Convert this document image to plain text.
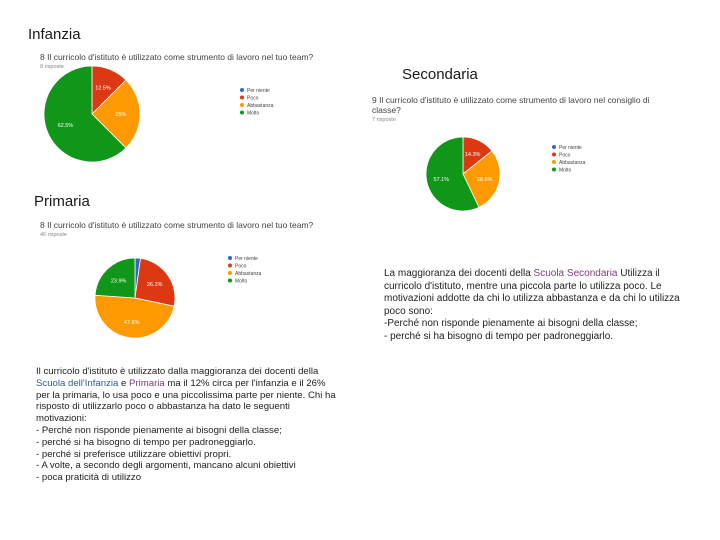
Infanzia
Secondaria
Primaria
8 Il curricolo d'istituto è utilizzato come strumento di lavoro nel tuo team?
8 risposte
12.5%
25%
62.5%
Per niente
Poco
Abbastanza
Molto
9 Il curricolo d'istituto è utilizzato come strumento di lavoro nel consiglio di classe?
7 risposte
14.3%
28.6%
57.1%
Per niente
Poco
Abbastanza
Molto
8 Il curricolo d'istituto è utilizzato come strumento di lavoro nel tuo team?
46 risposte
26.1%
47.8%
23.9%
Per niente
Poco
Abbastanza
Molto
La maggioranza dei docenti della Scuola Secondaria Utilizza il curricolo d'istituto, mentre una piccola parte lo utilizza poco. Le motivazioni addotte da chi lo utilizza abbastanza e da chi lo utilizza poco sono:
-Perché non risponde pienamente ai bisogni della classe;
- perché si ha bisogno di tempo per padroneggiarlo.
Il curricolo d'istituto è utilizzato dalla maggioranza dei docenti della Scuola dell'Infanzia e Primaria ma il 12% circa per l'infanzia e il 26% per la primaria, lo usa poco e una piccolissima parte per niente. Chi ha risposto di utilizzarlo poco o abbastanza ha dato le seguenti motivazioni:
- Perché non risponde pienamente ai bisogni della classe;
- perché si ha bisogno di tempo per padroneggiarlo.
- perché si preferisce utilizzare obiettivi propri.
- A volte, a secondo degli argomenti, mancano alcuni obiettivi
- poca praticità di utilizzo
